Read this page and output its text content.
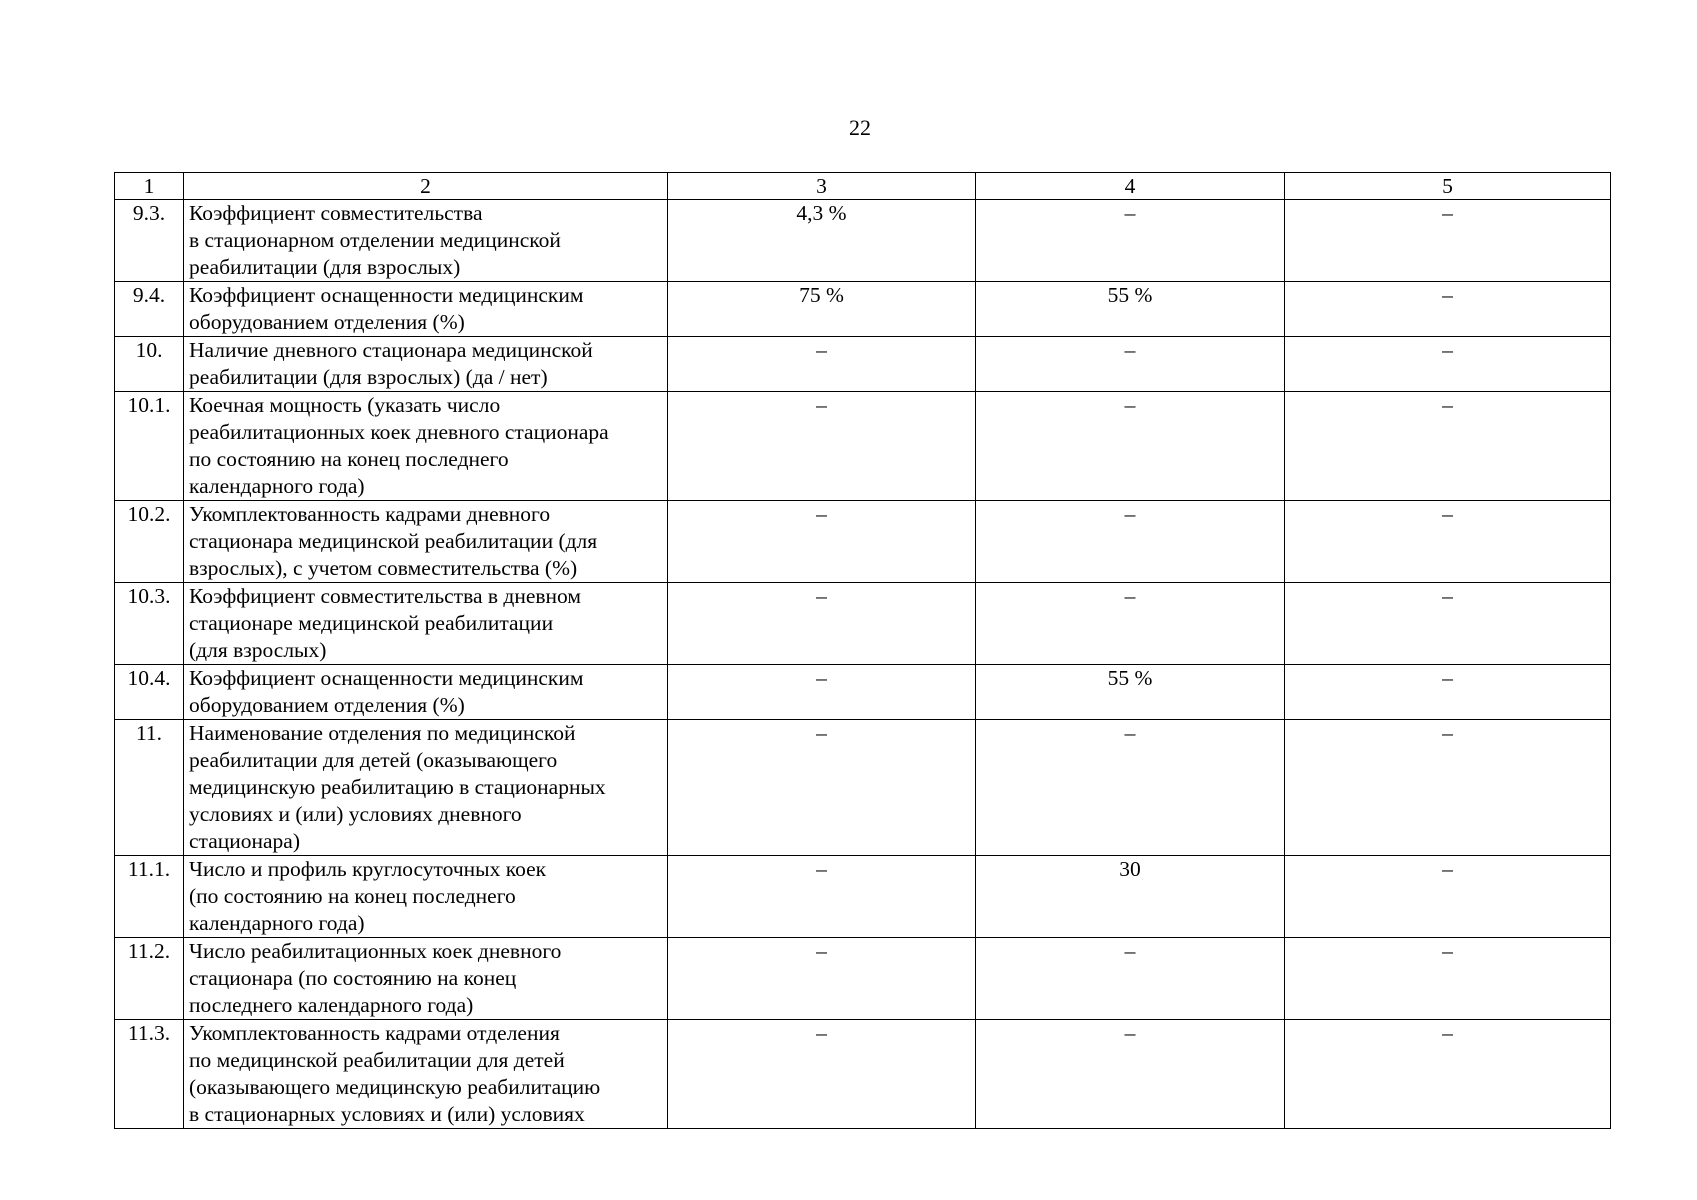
22
1	2	3	4	5
9.3.	Коэффициент совместительства
в стационарном отделении медицинской
реабилитации (для взрослых)	4,3 %	–	–
9.4.	Коэффициент оснащенности медицинским
оборудованием отделения (%)	75 %	55 %	–
10.	Наличие дневного стационара медицинской
реабилитации (для взрослых) (да / нет)	–	–	–
10.1.	Коечная мощность (указать число
реабилитационных коек дневного стационара
по состоянию на конец последнего
календарного года)	–	–	–
10.2.	Укомплектованность кадрами дневного
стационара медицинской реабилитации (для
взрослых), с учетом совместительства (%)	–	–	–
10.3.	Коэффициент совместительства в дневном
стационаре медицинской реабилитации
(для взрослых)	–	–	–
10.4.	Коэффициент оснащенности медицинским
оборудованием отделения (%)	–	55 %	–
11.	Наименование отделения по медицинской
реабилитации для детей (оказывающего
медицинскую реабилитацию в стационарных
условиях и (или) условиях дневного
стационара)	–	–	–
11.1.	Число и профиль круглосуточных коек
(по состоянию на конец последнего
календарного года)	–	30	–
11.2.	Число реабилитационных коек дневного
стационара (по состоянию на конец
последнего календарного года)	–	–	–
11.3.	Укомплектованность кадрами отделения
по медицинской реабилитации для детей
(оказывающего медицинскую реабилитацию
в стационарных условиях и (или) условиях	–	–	–
